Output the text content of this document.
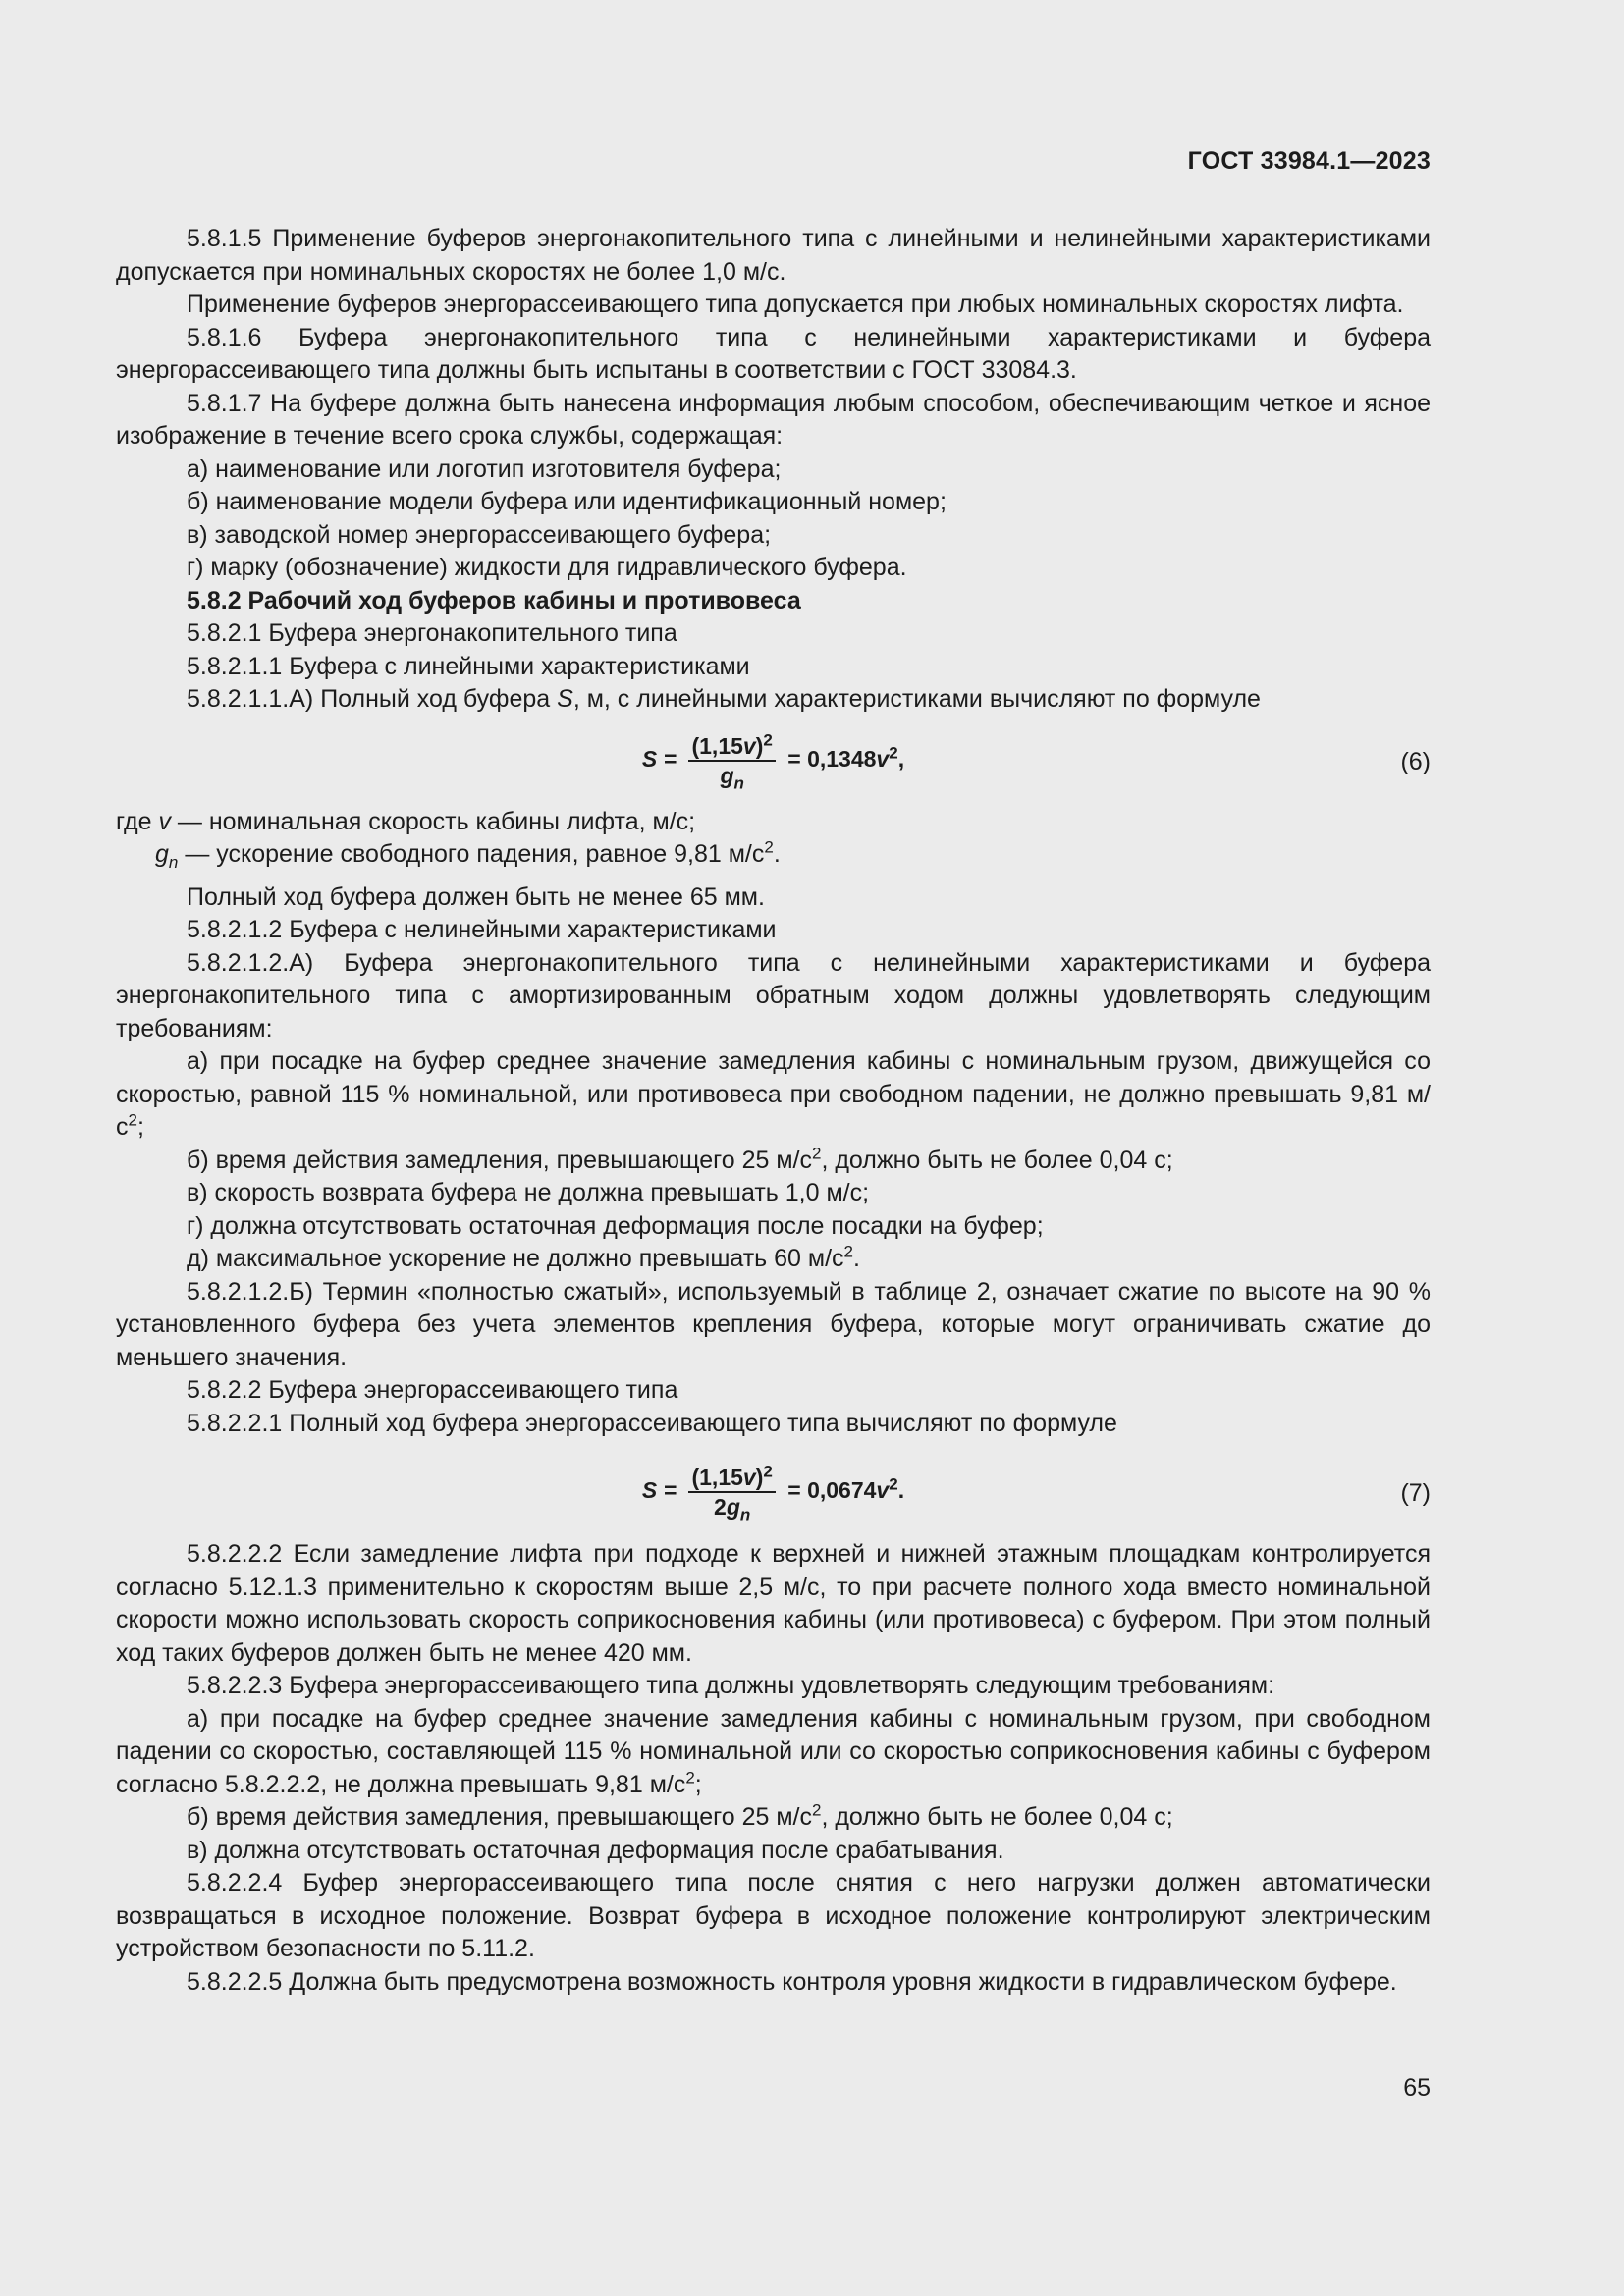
ГОСТ 33984.1—2023

5.8.1.5 Применение буферов энергонакопительного типа с линейными и нелинейными характеристиками допускается при номинальных скоростях не более 1,0 м/с.

Применение буферов энергорассеивающего типа допускается при любых номинальных скоростях лифта.

5.8.1.6 Буфера энергонакопительного типа с нелинейными характеристиками и буфера энергорассеивающего типа должны быть испытаны в соответствии с ГОСТ 33084.3.

5.8.1.7 На буфере должна быть нанесена информация любым способом, обеспечивающим четкое и ясное изображение в течение всего срока службы, содержащая:

а) наименование или логотип изготовителя буфера;

б) наименование модели буфера или идентификационный номер;

в) заводской номер энергорассеивающего буфера;

г) марку (обозначение) жидкости для гидравлического буфера.

5.8.2 Рабочий ход буферов кабины и противовеса

5.8.2.1 Буфера энергонакопительного типа

5.8.2.1.1 Буфера с линейными характеристиками

5.8.2.1.1.А) Полный ход буфера S, м, с линейными характеристиками вычисляют по формуле

$S = \frac{(1,15v)^2}{g_n} = 0,1348v^2$,	(6)

где v — номинальная скорость кабины лифта, м/с;

$g_n$ — ускорение свободного падения, равное 9,81 $м/с^2$.

Полный ход буфера должен быть не менее 65 мм.

5.8.2.1.2 Буфера с нелинейными характеристиками

5.8.2.1.2.А) Буфера энергонакопительного типа с нелинейными характеристиками и буфера энергонакопительного типа с амортизированным обратным ходом должны удовлетворять следующим требованиям:

а) при посадке на буфер среднее значение замедления кабины с номинальным грузом, движущейся со скоростью, равной 115 % номинальной, или противовеса при свободном падении, не должно превышать 9,81 $м/с^2$;

б) время действия замедления, превышающего 25 $м/с^2$, должно быть не более 0,04 с;

в) скорость возврата буфера не должна превышать 1,0 м/с;

г) должна отсутствовать остаточная деформация после посадки на буфер;

д) максимальное ускорение не должно превышать 60 $м/с^2$.

5.8.2.1.2.Б) Термин «полностью сжатый», используемый в таблице 2, означает сжатие по высоте на 90 % установленного буфера без учета элементов крепления буфера, которые могут ограничивать сжатие до меньшего значения.

5.8.2.2 Буфера энергорассеивающего типа

5.8.2.2.1 Полный ход буфера энергорассеивающего типа вычисляют по формуле

$S = \frac{(1,15v)^2}{2g_n} = 0,0674v^2$.	(7)

5.8.2.2.2 Если замедление лифта при подходе к верхней и нижней этажным площадкам контролируется согласно 5.12.1.3 применительно к скоростям выше 2,5 м/с, то при расчете полного хода вместо номинальной скорости можно использовать скорость соприкосновения кабины (или противовеса) с буфером. При этом полный ход таких буферов должен быть не менее 420 мм.

5.8.2.2.3 Буфера энергорассеивающего типа должны удовлетворять следующим требованиям:

а) при посадке на буфер среднее значение замедления кабины с номинальным грузом, при свободном падении со скоростью, составляющей 115 % номинальной или со скоростью соприкосновения кабины с буфером согласно 5.8.2.2.2, не должна превышать 9,81 $м/с^2$;

б) время действия замедления, превышающего 25 $м/с^2$, должно быть не более 0,04 с;

в) должна отсутствовать остаточная деформация после срабатывания.

5.8.2.2.4 Буфер энергорассеивающего типа после снятия с него нагрузки должен автоматически возвращаться в исходное положение. Возврат буфера в исходное положение контролируют электрическим устройством безопасности по 5.11.2.

5.8.2.2.5 Должна быть предусмотрена возможность контроля уровня жидкости в гидравлическом буфере.

65
